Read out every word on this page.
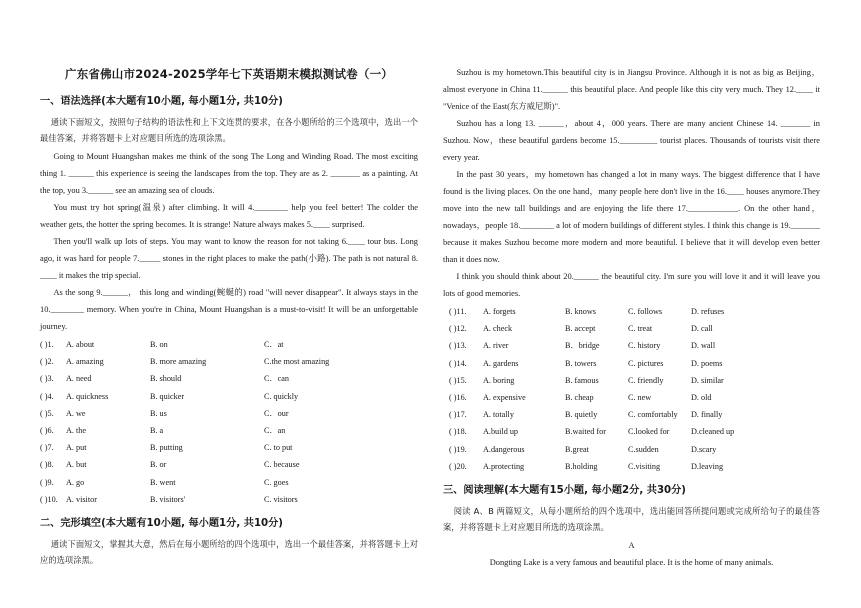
广东省佛山市2024-2025学年七下英语期末模拟测试卷（一）
一、语法选择(本大题有10小题, 每小题1分, 共10分)

通读下面短文，按照句子结构的语法性和上下文连贯的要求，在各小题所给的三个选项中，选出一个最佳答案，并将答题卡上对应题目所选的选项涂黑。

Going to Mount Huangshan makes me think of the song The Long and Winding Road. The most exciting thing 1. ______ this experience is seeing the landscapes from the top. They are as 2. _______ as a painting. At the top, you 3.______ see an amazing sea of clouds.

You must try hot spring(温泉) after climbing. It will 4.________ help you feel better! The colder the weather gets, the hotter the spring becomes. It is strange! Nature always makes 5.____ surprised.

Then you'll walk up lots of steps. You may want to know the reason for not taking 6.____ tour bus. Long ago, it was hard for people 7._____ stones in the right places to make the path(小路). The path is not natural 8. ____ it makes the trip special.

As the song 9.______， this long and winding(蜿蜒的) road "will never disappear". It always stays in the 10.________ memory. When you're in China, Mount Huangshan is a must-to-visit! It will be an unforgettable journey.

( )1. A. about	B. on	C．at
( )2. A. amazing	B. more amazing	C.the most amazing
( )3. A. need	B. should	C．can
( )4. A. quickness	B. quicker	C. quickly
( )5. A. we	B. us	C．our
( )6. A. the	B. a	C．an
( )7. A. put	B. putting	C. to put
( )8. A. but	B. or	C. because
( )9. A. go	B. went	C. goes
( )10. A. visitor	B. visitors'	C. visitors
二、完形填空(本大题有10小题, 每小题1分, 共10分)

通读下面短文，掌握其大意，然后在每小题所给的四个选项中，选出一个最佳答案，并将答题卡上对应的选项涂黑。

Suzhou is my hometown.This beautiful city is in Jiangsu Province. Although it is not as big as Beijing，almost everyone in China 11.______ this beautiful place. And people like this city very much. They 12.____ it "Venice of the East(东方威尼斯)".

Suzhou has a long 13. ______，about 4，000 years. There are many ancient Chinese 14. _______ in Suzhou. Now，these beautiful gardens become 15._________ tourist places. Thousands of tourists visit there every year.

In the past 30 years，my hometown has changed a lot in many ways. The biggest difference that I have found is the living places. On the one hand，many people here don't live in the 16.____ houses anymore.They move into the new tall buildings and are enjoying the life there 17.____________. On the other hand，nowadays，people 18.________ a lot of modern buildings of different styles. I think this change is 19._______ because it makes Suzhou become more modern and more beautiful. I believe that it will develop even better than it does now.

I think you should think about 20.______ the beautiful city. I'm sure you will love it and it will leave you lots of good memories.

( )11. A. forgets	B. knows	C. follows	D. refuses
( )12. A. check	B. accept	C. treat	D. call
( )13. A. river	B．bridge	C. history	D. wall
( )14. A. gardens	B. towers	C. pictures	D. poems
( )15. A. boring	B. famous	C. friendly	D. similar
( )16. A. expensive	B. cheap	C. new	D. old
( )17. A. totally	B. quietly	C. comfortably D. finally
( )18. A.build up	B.waited for	C.looked for	D.cleaned up
( )19. A.dangerous	B.great	C.sudden	D.scary
( )20. A.protecting	B.holding	C.visiting	D.leaving
三、阅读理解(本大题有15小题, 每小题2分, 共30分)

阅读 A、B 两篇短文，从每小题所给的四个选项中，选出能回答所提问题或完成所给句子的最佳答案，并将答题卡上对应题目所选的选项涂黑。

A

Dongting Lake is a very famous and beautiful place. It is the home of many animals.
